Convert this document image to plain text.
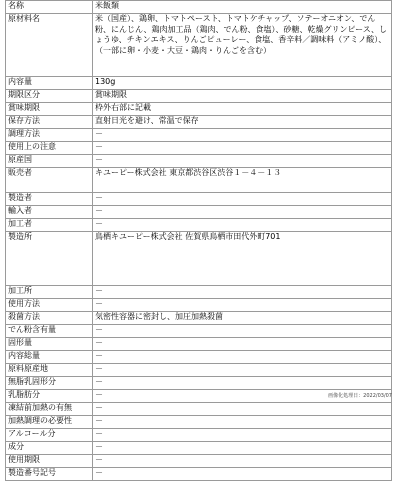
名称	米飯類
原材料名	米（国産）、鶏卵、トマトペースト、トマトケチャップ、ソテーオニオン、でん粉、にんじん、鶏肉加工品（鶏肉、でん粉、食塩）、砂糖、乾燥グリンピース、しょうゆ、チキンエキス、りんごピューレー、食塩、香辛料／調味料（アミノ酸）、（一部に卵・小麦・大豆・鶏肉・りんごを含む）
内容量	130g
期限区分	賞味期限
賞味期限	枠外右部に記載
保存方法	直射日光を避け、常温で保存
調理方法	－
使用上の注意	－
原産国	－
販売者	キユーピー株式会社 東京都渋谷区渋谷１－４－１３
製造者	－
輸入者	－
加工者	－
製造所	鳥栖キユーピー株式会社 佐賀県鳥栖市田代外町701
加工所	－
使用方法	－
殺菌方法	気密性容器に密封し、加圧加熱殺菌
でん粉含有量	－
固形量	－
内容総量	－
原料原産地	－
無脂乳固形分	－
乳脂肪分	－
凍結前加熱の有無	－
加熱調理の必要性	－
アルコール分	－
成分	－
使用期限	－
製造番号記号	－
画像化処理日：2022/03/07
